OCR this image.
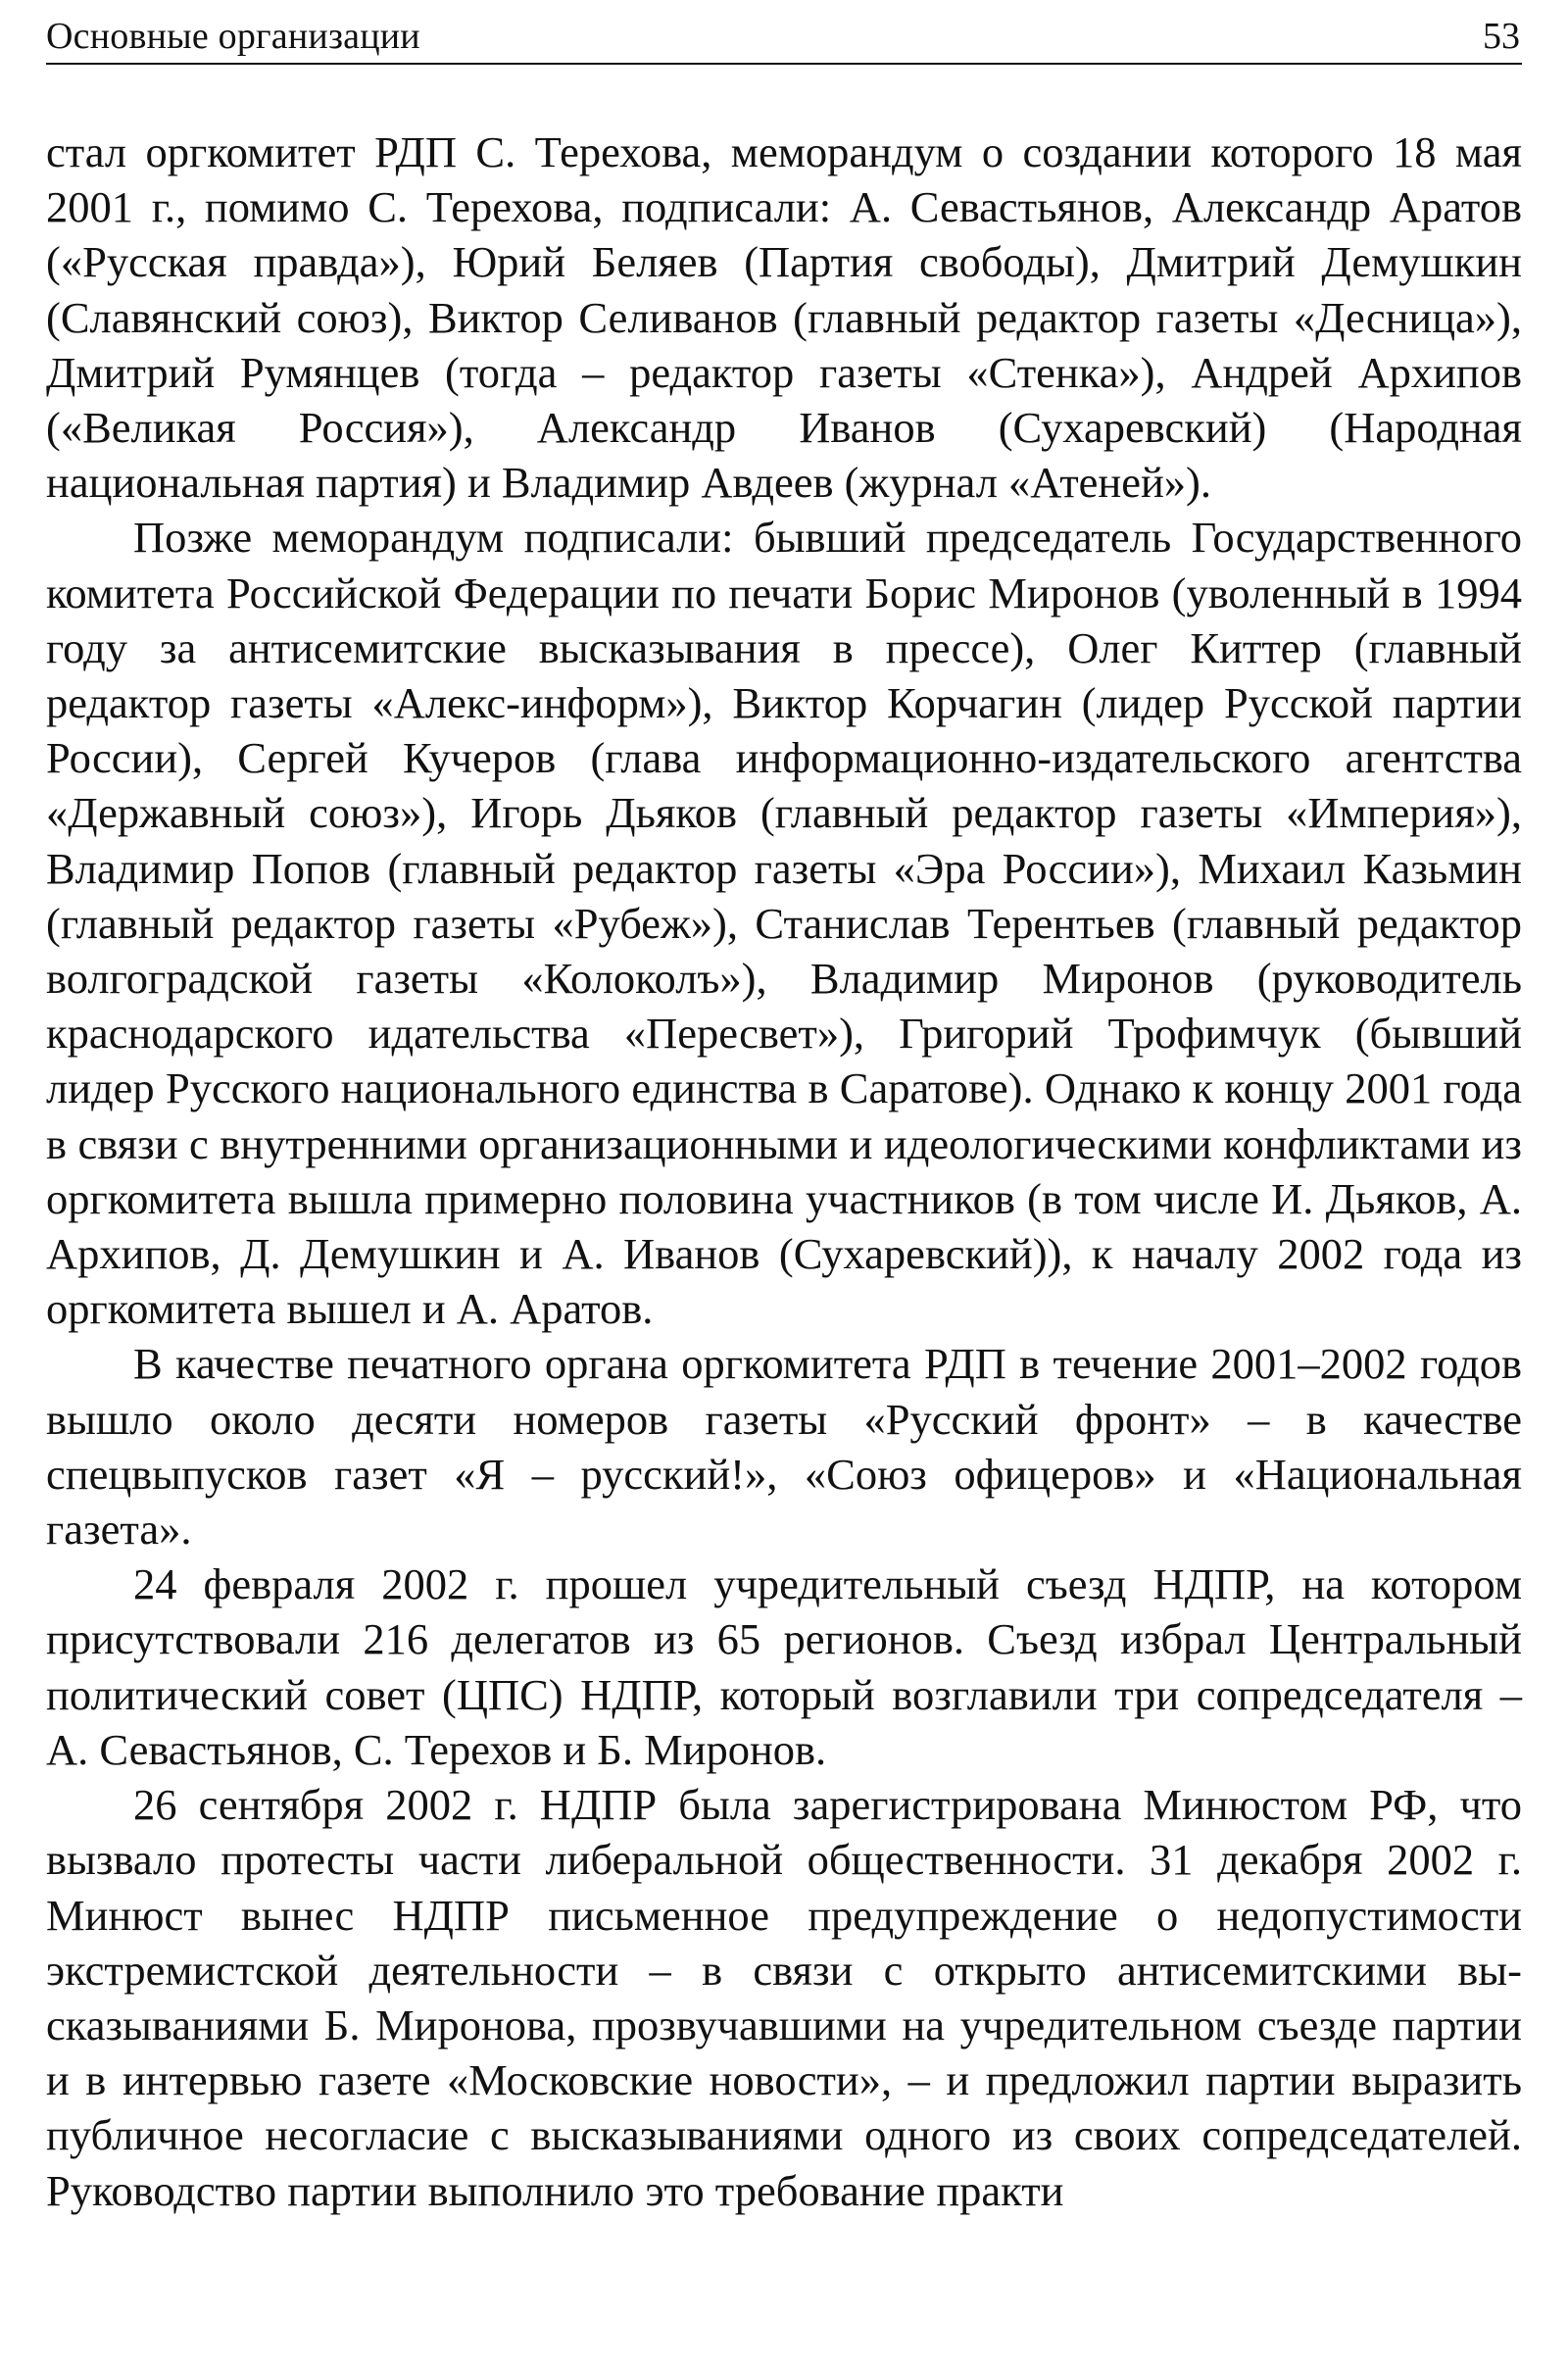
Основные организации	53

стал оргкомитет РДП С. Терехова, меморандум о создании которого 18 мая 2001 г., помимо С. Терехова, подписали: А. Севастьянов, Александр Аратов («Русская правда»), Юрий Беляев (Партия свободы), Дмитрий Демушкин (Славянский союз), Виктор Селиванов (главный редактор газеты «Десница»), Дмитрий Румянцев (тогда – редактор газеты «Стенка»), Андрей Архипов («Великая Россия»), Александр Иванов (Сухаревский) (Народная национальная партия) и Владимир Авдеев (журнал «Атеней»).

Позже меморандум подписали: бывший председатель Государственного комитета Российской Федерации по печати Борис Миронов (уволенный в 1994 году за антисемитские высказывания в прессе), Олег Киттер (главный редактор газеты «Алекс-информ»), Виктор Корчагин (лидер Русской партии России), Сергей Кучеров (глава информационно-издательского агентства «Державный союз»), Игорь Дьяков (главный редактор газеты «Империя»), Владимир Попов (главный редактор газеты «Эра России»), Михаил Казьмин (главный редактор газеты «Рубеж»), Станислав Терентьев (главный редактор волгоградской газеты «Колоколъ»), Владимир Миронов (руководитель краснодарского идательства «Пересвет»), Григорий Трофимчук (бывший лидер Русского национального единства в Саратове). Однако к концу 2001 года в связи с внутренними организационными и идеологическими конфликтами из оргкомитета вышла примерно половина участников (в том числе И. Дьяков, А. Архипов, Д. Демушкин и А. Иванов (Сухаревский)), к началу 2002 года из оргкомитета вышел и А. Аратов.

В качестве печатного органа оргкомитета РДП в течение 2001–2002 годов вышло около десяти номеров газеты «Русский фронт» – в качестве спецвыпусков газет «Я – русский!», «Союз офицеров» и «Национальная газета».

24 февраля 2002 г. прошел учредительный съезд НДПР, на котором присутствовали 216 делегатов из 65 регионов. Съезд избрал Центральный политический совет (ЦПС) НДПР, который возглавили три сопредседателя – А. Севастьянов, С. Терехов и Б. Миронов.

26 сентября 2002 г. НДПР была зарегистрирована Минюстом РФ, что вызвало протесты части либеральной общественности. 31 декабря 2002 г. Минюст вынес НДПР письменное предупреждение о недопустимости экстремистской деятельности – в связи с открыто антисемитскими высказываниями Б. Миронова, прозвучавшими на учредительном съезде партии и в интервью газете «Московские новости», – и предложил партии выразить публичное несогласие с высказываниями одного из своих сопредседателей. Руководство партии выполнило это требование практи
